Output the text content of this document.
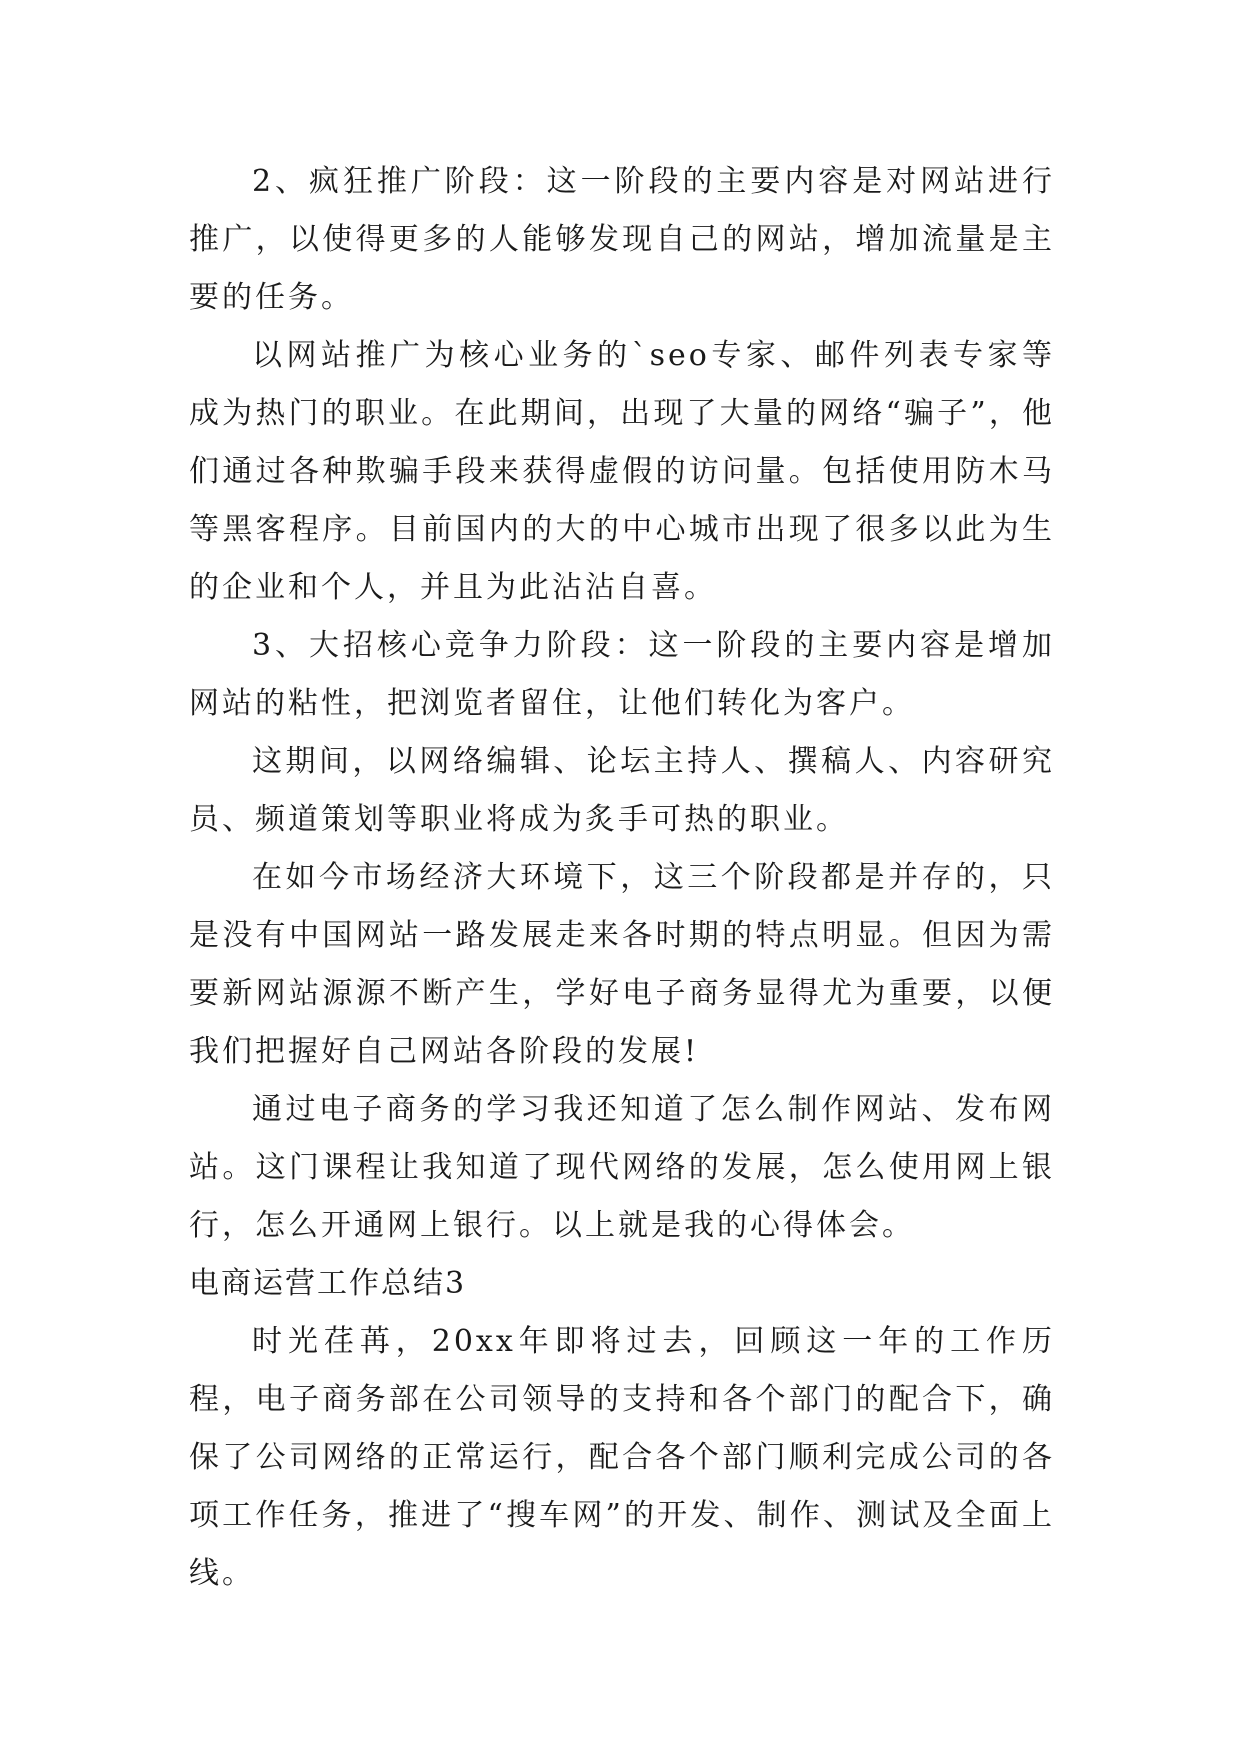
2、疯狂推广阶段：这一阶段的主要内容是对网站进行推广，以使得更多的人能够发现自己的网站，增加流量是主要的任务。

以网站推广为核心业务的`seo专家、邮件列表专家等成为热门的职业。在此期间，出现了大量的网络“骗子”，他们通过各种欺骗手段来获得虚假的访问量。包括使用防木马等黑客程序。目前国内的大的中心城市出现了很多以此为生的企业和个人，并且为此沾沾自喜。

3、大招核心竞争力阶段：这一阶段的主要内容是增加网站的粘性，把浏览者留住，让他们转化为客户。

这期间，以网络编辑、论坛主持人、撰稿人、内容研究员、频道策划等职业将成为炙手可热的职业。

在如今市场经济大环境下，这三个阶段都是并存的，只是没有中国网站一路发展走来各时期的特点明显。但因为需要新网站源源不断产生，学好电子商务显得尤为重要，以便我们把握好自己网站各阶段的发展!

通过电子商务的学习我还知道了怎么制作网站、发布网站。这门课程让我知道了现代网络的发展，怎么使用网上银行，怎么开通网上银行。以上就是我的心得体会。

电商运营工作总结3

时光荏苒，20xx年即将过去，回顾这一年的工作历程，电子商务部在公司领导的支持和各个部门的配合下，确保了公司网络的正常运行，配合各个部门顺利完成公司的各项工作任务，推进了“搜车网”的开发、制作、测试及全面上线。
